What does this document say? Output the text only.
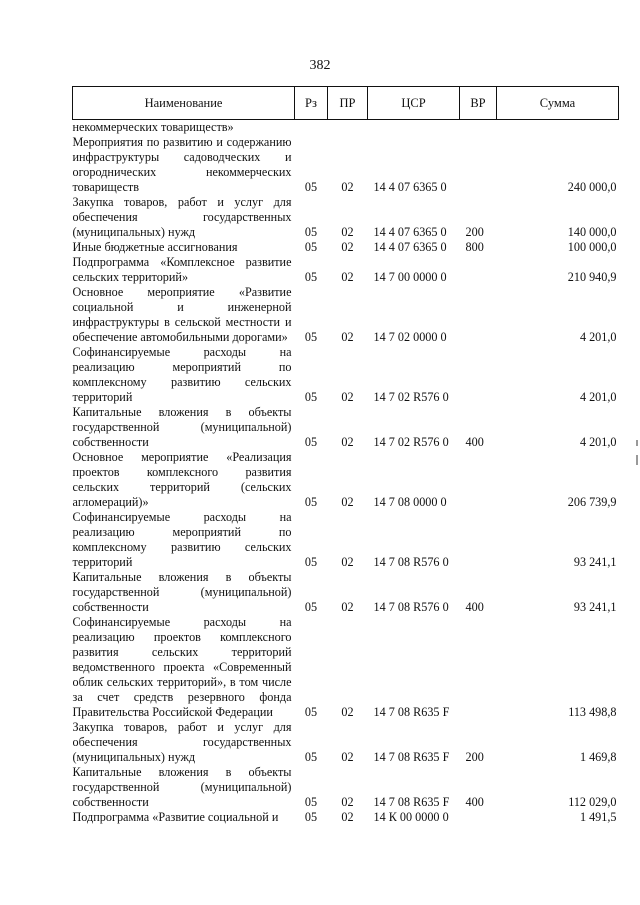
382
Наименование	Рз	ПР	ЦСР	ВР	Сумма
некоммерческих товариществ»					
Мероприятия по развитию и содержанию инфраструктуры садоводческих и огороднических некоммерческих товариществ	05	02	14 4 07 6365 0		240 000,0
Закупка товаров, работ и услуг для обеспечения государственных (муниципальных) нужд	05	02	14 4 07 6365 0	200	140 000,0
Иные бюджетные ассигнования	05	02	14 4 07 6365 0	800	100 000,0
Подпрограмма «Комплексное развитие сельских территорий»	05	02	14 7 00 0000 0		210 940,9
Основное мероприятие «Развитие социальной и инженерной инфраструктуры в сельской местности и обеспечение автомобильными дорогами»	05	02	14 7 02 0000 0		4 201,0
Софинансируемые расходы на реализацию мероприятий по комплексному развитию сельских территорий	05	02	14 7 02 R576 0		4 201,0
Капитальные вложения в объекты государственной (муниципальной) собственности	05	02	14 7 02 R576 0	400	4 201,0
Основное мероприятие «Реализация проектов комплексного развития сельских территорий (сельских агломераций)»	05	02	14 7 08 0000 0		206 739,9
Софинансируемые расходы на реализацию мероприятий по комплексному развитию сельских территорий	05	02	14 7 08 R576 0		93 241,1
Капитальные вложения в объекты государственной (муниципальной) собственности	05	02	14 7 08 R576 0	400	93 241,1
Софинансируемые расходы на реализацию проектов комплексного развития сельских территорий ведомственного проекта «Современный облик сельских территорий», в том числе за счет средств резервного фонда Правительства Российской Федерации	05	02	14 7 08 R635 F		113 498,8
Закупка товаров, работ и услуг для обеспечения государственных (муниципальных) нужд	05	02	14 7 08 R635 F	200	1 469,8
Капитальные вложения в объекты государственной (муниципальной) собственности	05	02	14 7 08 R635 F	400	112 029,0
Подпрограмма «Развитие социальной и	05	02	14 К 00 0000 0		1 491,5
